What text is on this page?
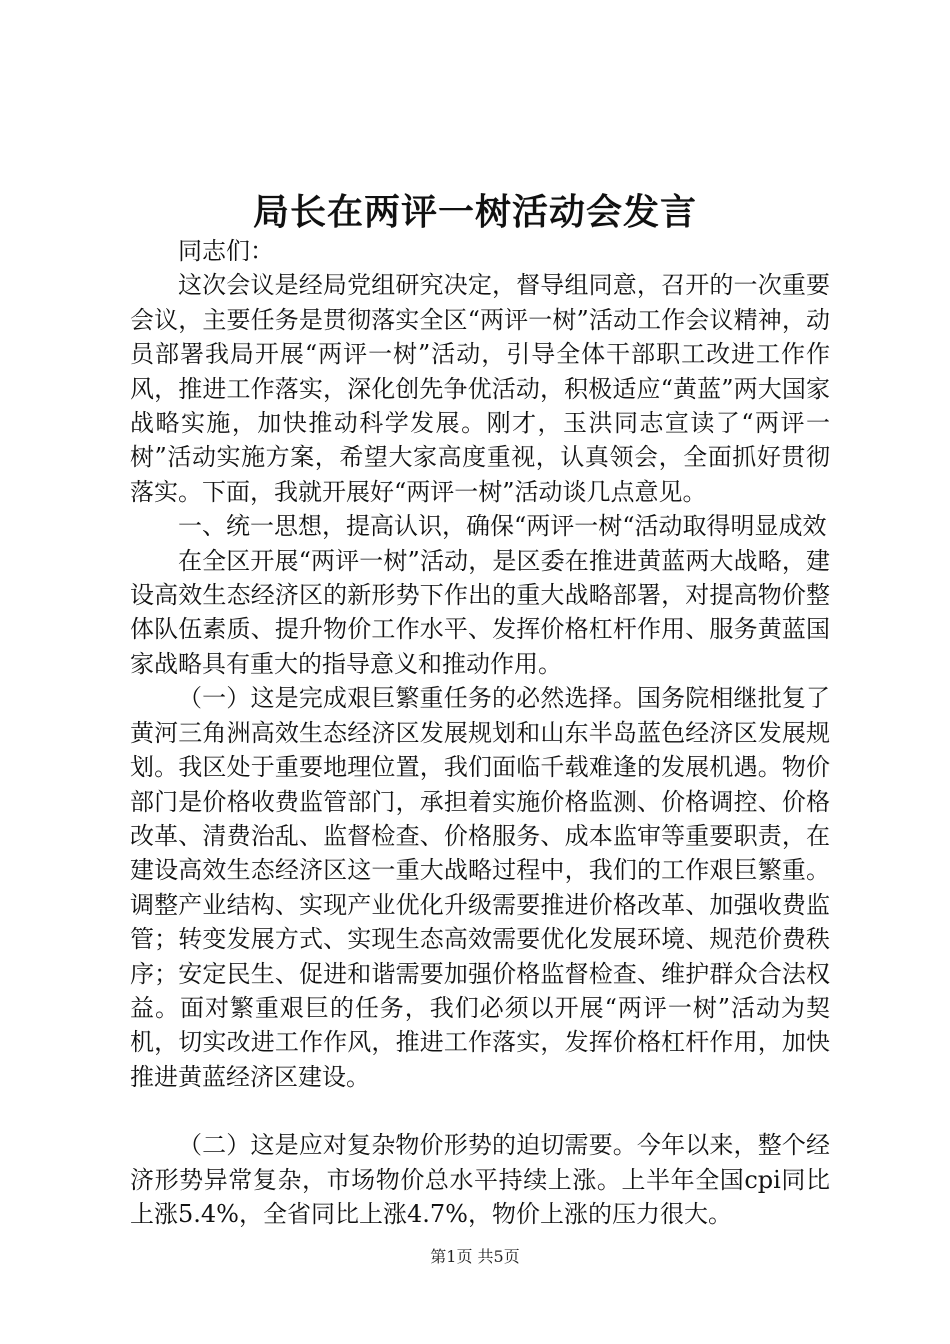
局长在两评一树活动会发言

同志们：

这次会议是经局党组研究决定，督导组同意，召开的一次重要会议，主要任务是贯彻落实全区“两评一树”活动工作会议精神，动员部署我局开展“两评一树”活动，引导全体干部职工改进工作作风，推进工作落实，深化创先争优活动，积极适应“黄蓝”两大国家战略实施，加快推动科学发展。刚才，玉洪同志宣读了“两评一树”活动实施方案，希望大家高度重视，认真领会，全面抓好贯彻落实。下面，我就开展好“两评一树”活动谈几点意见。

一、统一思想，提高认识，确保“两评一树“活动取得明显成效

在全区开展“两评一树”活动，是区委在推进黄蓝两大战略，建设高效生态经济区的新形势下作出的重大战略部署，对提高物价整体队伍素质、提升物价工作水平、发挥价格杠杆作用、服务黄蓝国家战略具有重大的指导意义和推动作用。

（一）这是完成艰巨繁重任务的必然选择。国务院相继批复了黄河三角洲高效生态经济区发展规划和山东半岛蓝色经济区发展规划。我区处于重要地理位置，我们面临千载难逢的发展机遇。物价部门是价格收费监管部门，承担着实施价格监测、价格调控、价格改革、清费治乱、监督检查、价格服务、成本监审等重要职责，在建设高效生态经济区这一重大战略过程中，我们的工作艰巨繁重。调整产业结构、实现产业优化升级需要推进价格改革、加强收费监管；转变发展方式、实现生态高效需要优化发展环境、规范价费秩序；安定民生、促进和谐需要加强价格监督检查、维护群众合法权益。面对繁重艰巨的任务，我们必须以开展“两评一树”活动为契机，切实改进工作作风，推进工作落实，发挥价格杠杆作用，加快推进黄蓝经济区建设。

（二）这是应对复杂物价形势的迫切需要。今年以来，整个经济形势异常复杂，市场物价总水平持续上涨。上半年全国cpi同比上涨5.4%，全省同比上涨4.7%，物价上涨的压力很大。

第1页 共5页
